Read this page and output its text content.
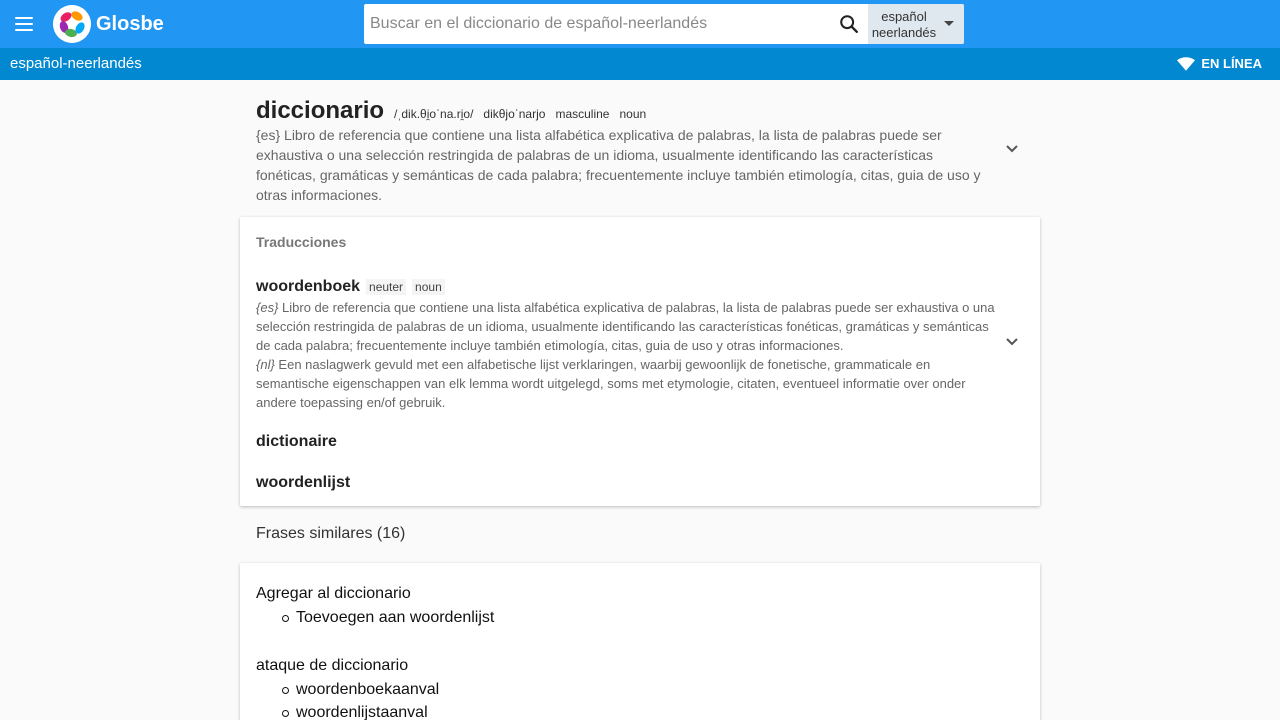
Glosbe
Buscar en el diccionario de español-neerlandés	español
neerlandés
español-neerlandés	EN LÍNEA
diccionario /ˌdik.θi̯oˈna.ri̯o/ dikθjoˈnarjo masculine noun

{es} Libro de referencia que contiene una lista alfabética explicativa de palabras, la lista de palabras puede ser exhaustiva o una selección restringida de palabras de un idioma, usualmente identificando las características fonéticas, gramáticas y semánticas de cada palabra; frecuentemente incluye también etimología, citas, guia de uso y otras informaciones.

Traducciones
woordenboek neuter noun
{es} Libro de referencia que contiene una lista alfabética explicativa de palabras, la lista de palabras puede ser exhaustiva o una selección restringida de palabras de un idioma, usualmente identificando las características fonéticas, gramáticas y semánticas de cada palabra; frecuentemente incluye también etimología, citas, guia de uso y otras informaciones.
{nl} Een naslagwerk gevuld met een alfabetische lijst verklaringen, waarbij gewoonlijk de fonetische, grammaticale en semantische eigenschappen van elk lemma wordt uitgelegd, soms met etymologie, citaten, eventueel informatie over onder andere toepassing en/of gebruik.
dictionaire
woordenlijst
Frases similares (16)
Agregar al diccionario
Toevoegen aan woordenlijst
ataque de diccionario
woordenboekaanval
woordenlijstaanval
